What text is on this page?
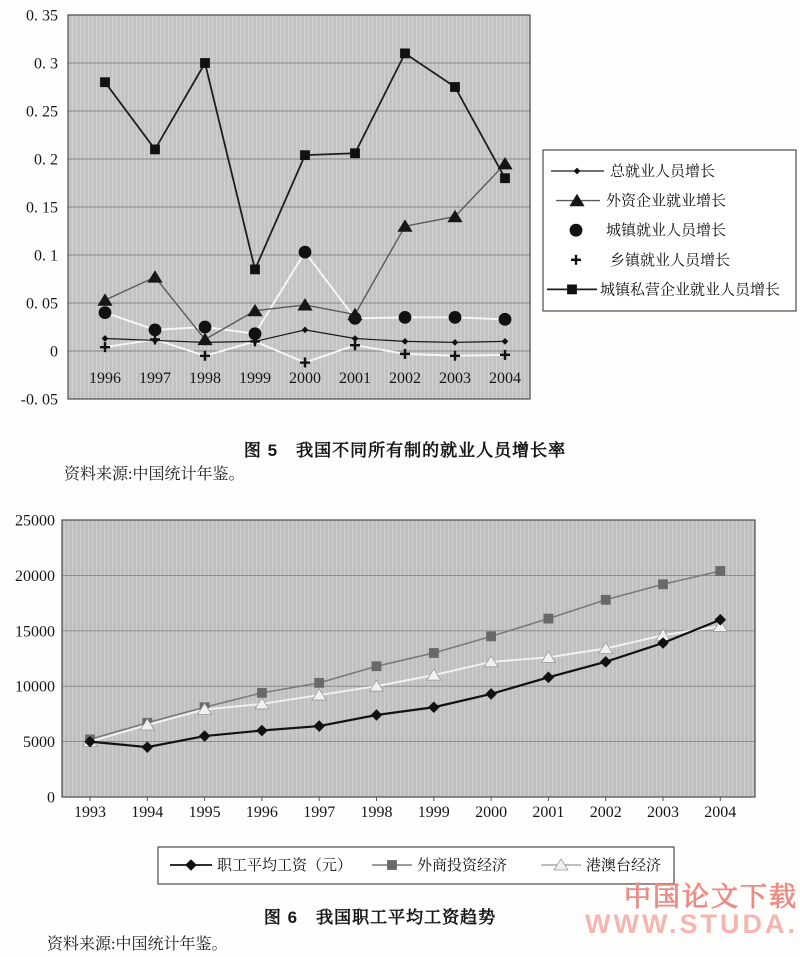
1996 1997 1998 1999 2000 2001 2002 2003 2004
0. 35
0. 3
0. 25
0. 2
0. 15
0. 1
0. 05
0
-0. 05
总就业人员增长
外资企业就业增长
城镇就业人员增长
乡镇就业人员增长
城镇私营企业就业人员增长
图 5　我国不同所有制的就业人员增长率
资料来源:中国统计年鉴。
1993 1994 1995 1996 1997 1998 1999 2000 2001 2002 2003 2004
25000
20000
15000
10000
5000
0
职工平均工资（元）	外商投资经济	港澳台经济
图 6　我国职工平均工资趋势
资料来源:中国统计年鉴。
中国论文下载
WWW.STUDA.
